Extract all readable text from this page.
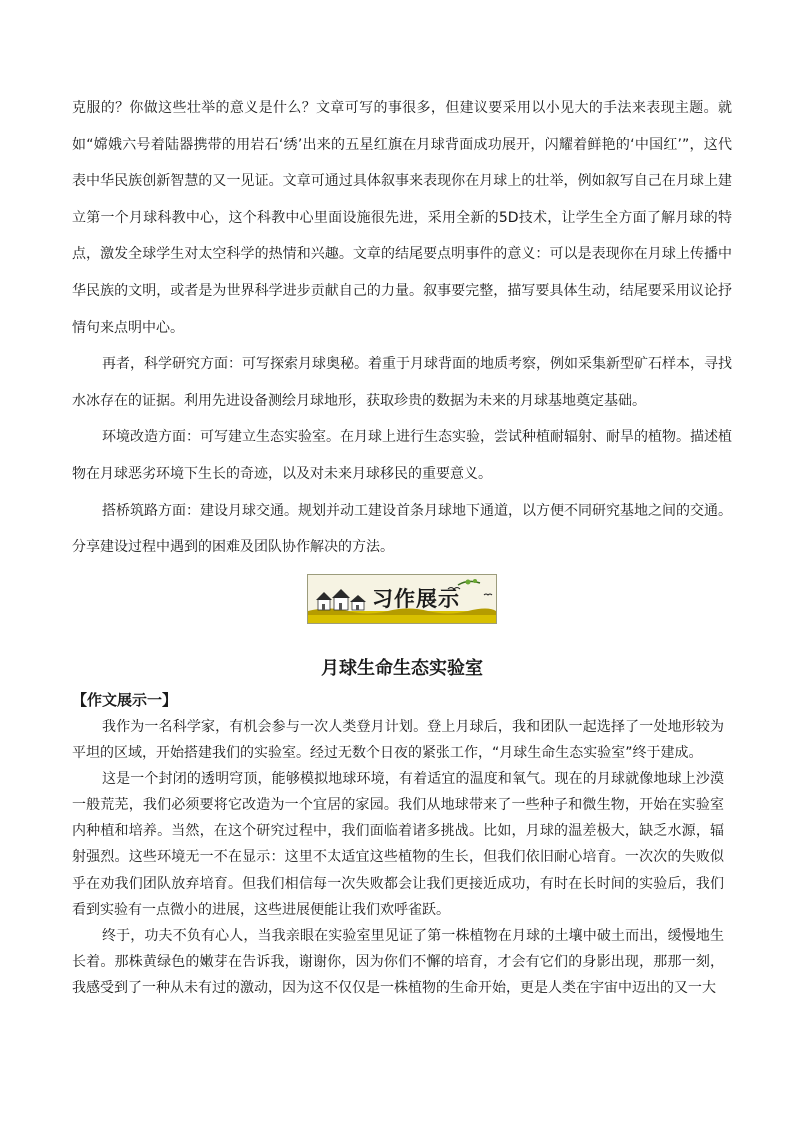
克服的？你做这些壮举的意义是什么？文章可写的事很多，但建议要采用以小见大的手法来表现主题。就如“嫦娥六号着陆器携带的用岩石‘绣’出来的五星红旗在月球背面成功展开，闪耀着鲜艳的‘中国红’”，这代表中华民族创新智慧的又一见证。文章可通过具体叙事来表现你在月球上的壮举，例如叙写自己在月球上建立第一个月球科教中心，这个科教中心里面设施很先进，采用全新的5D技术，让学生全方面了解月球的特点，激发全球学生对太空科学的热情和兴趣。文章的结尾要点明事件的意义：可以是表现你在月球上传播中华民族的文明，或者是为世界科学进步贡献自己的力量。叙事要完整，描写要具体生动，结尾要采用议论抒情句来点明中心。

再者，科学研究方面：可写探索月球奥秘。着重于月球背面的地质考察，例如采集新型矿石样本，寻找水冰存在的证据。利用先进设备测绘月球地形，获取珍贵的数据为未来的月球基地奠定基础。

环境改造方面：可写建立生态实验室。在月球上进行生态实验，尝试种植耐辐射、耐旱的植物。描述植物在月球恶劣环境下生长的奇迹，以及对未来月球移民的重要意义。

搭桥筑路方面：建设月球交通。规划并动工建设首条月球地下通道，以方便不同研究基地之间的交通。分享建设过程中遇到的困难及团队协作解决的方法。

习作展示
月球生命生态实验室

【作文展示一】

我作为一名科学家，有机会参与一次人类登月计划。登上月球后，我和团队一起选择了一处地形较为平坦的区域，开始搭建我们的实验室。经过无数个日夜的紧张工作，“月球生命生态实验室”终于建成。

这是一个封闭的透明穹顶，能够模拟地球环境，有着适宜的温度和氧气。现在的月球就像地球上沙漠一般荒芜，我们必须要将它改造为一个宜居的家园。我们从地球带来了一些种子和微生物，开始在实验室内种植和培养。当然，在这个研究过程中，我们面临着诸多挑战。比如，月球的温差极大，缺乏水源，辐射强烈。这些环境无一不在显示：这里不太适宜这些植物的生长，但我们依旧耐心培育。一次次的失败似乎在劝我们团队放弃培育。但我们相信每一次失败都会让我们更接近成功，有时在长时间的实验后，我们看到实验有一点微小的进展，这些进展便能让我们欢呼雀跃。

终于，功夫不负有心人，当我亲眼在实验室里见证了第一株植物在月球的土壤中破土而出，缓慢地生长着。那株黄绿色的嫩芽在告诉我，谢谢你，因为你们不懈的培育，才会有它们的身影出现，那那一刻，我感受到了一种从未有过的激动，因为这不仅仅是一株植物的生命开始，更是人类在宇宙中迈出的又一大
